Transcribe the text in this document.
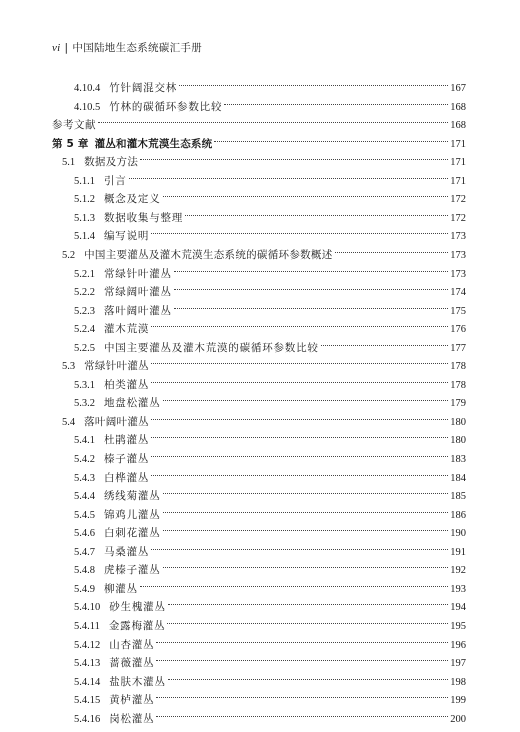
vi | 中国陆地生态系统碳汇手册
4.10.4 竹针阔混交林	167
4.10.5 竹林的碳循环参数比较	168
参考文献	168
第 5 章 灌丛和灌木荒漠生态系统	171
5.1 数据及方法	171
5.1.1 引言	171
5.1.2 概念及定义	172
5.1.3 数据收集与整理	172
5.1.4 编写说明	173
5.2 中国主要灌丛及灌木荒漠生态系统的碳循环参数概述	173
5.2.1 常绿针叶灌丛	173
5.2.2 常绿阔叶灌丛	174
5.2.3 落叶阔叶灌丛	175
5.2.4 灌木荒漠	176
5.2.5 中国主要灌丛及灌木荒漠的碳循环参数比较	177
5.3 常绿针叶灌丛	178
5.3.1 柏类灌丛	178
5.3.2 地盘松灌丛	179
5.4 落叶阔叶灌丛	180
5.4.1 杜鹃灌丛	180
5.4.2 榛子灌丛	183
5.4.3 白桦灌丛	184
5.4.4 绣线菊灌丛	185
5.4.5 锦鸡儿灌丛	186
5.4.6 白刺花灌丛	190
5.4.7 马桑灌丛	191
5.4.8 虎榛子灌丛	192
5.4.9 柳灌丛	193
5.4.10 砂生槐灌丛	194
5.4.11 金露梅灌丛	195
5.4.12 山杏灌丛	196
5.4.13 蔷薇灌丛	197
5.4.14 盐肤木灌丛	198
5.4.15 黄栌灌丛	199
5.4.16 岗松灌丛	200
